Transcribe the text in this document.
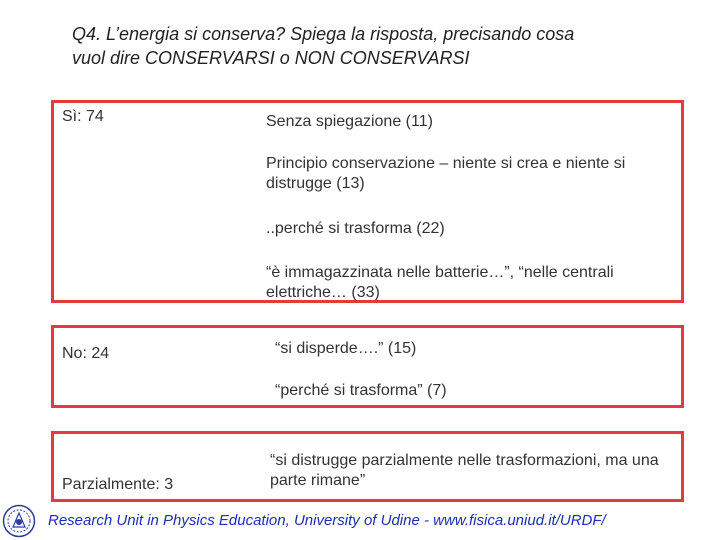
Q4. L’energia si conserva? Spiega la risposta, precisando cosa
vuol dire CONSERVARSI o NON CONSERVARSI
Sì: 74	Senza spiegazione (11)
Principio conservazione – niente si crea e niente si distrugge (13)
..perché si trasforma (22)
“è immagazzinata nelle batterie…”, “nelle centrali elettriche… (33)
No: 24	“si disperde….” (15)
“perché si trasforma” (7)
Parzialmente: 3
“si distrugge parzialmente nelle trasformazioni, ma una parte rimane”
Research Unit in Physics Education, University of Udine - www.fisica.uniud.it/URDF/
